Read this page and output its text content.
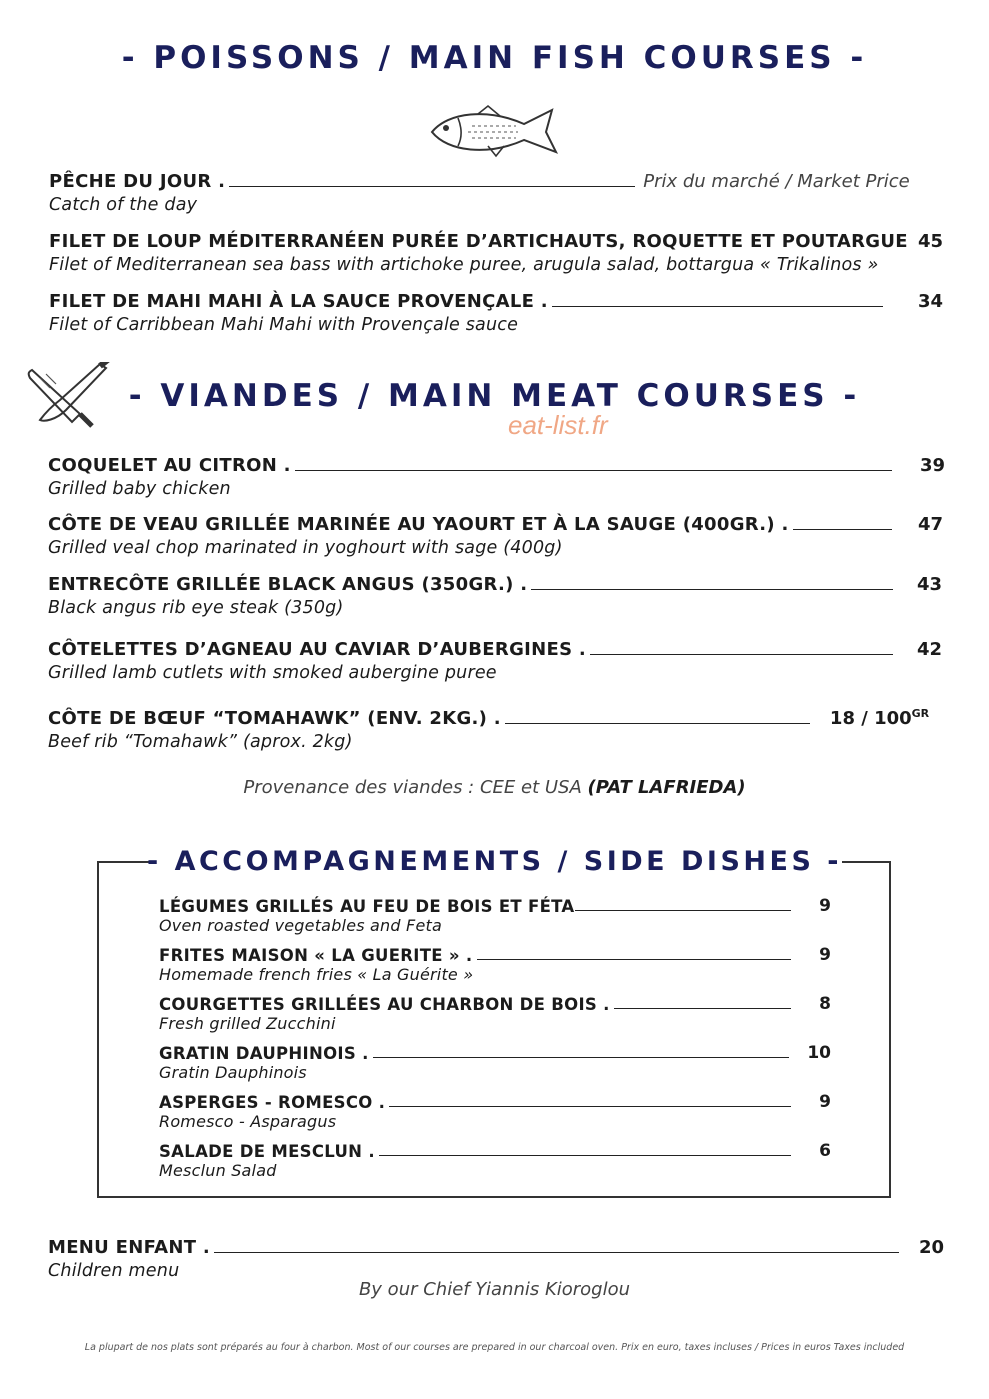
- POISSONS / MAIN FISH COURSES -
PÊCHE DU JOUR .	Prix du marché / Market Price
Catch of the day
FILET DE LOUP MÉDITERRANÉEN PURÉE D’ARTICHAUTS, ROQUETTE ET POUTARGUE 45
Filet of Mediterranean sea bass with artichoke puree, arugula salad, bottargua « Trikalinos »
FILET DE MAHI MAHI À LA SAUCE PROVENÇALE .	34
Filet of Carribbean Mahi Mahi with Provençale sauce
- VIANDES / MAIN MEAT COURSES -
eat-list.fr
COQUELET AU CITRON .	39
Grilled baby chicken
CÔTE DE VEAU GRILLÉE MARINÉE AU YAOURT ET À LA SAUGE (400GR.) .	47
Grilled veal chop marinated in yoghourt with sage (400g)
ENTRECÔTE GRILLÉE BLACK ANGUS (350GR.) .	43
Black angus rib eye steak (350g)
CÔTELETTES D’AGNEAU AU CAVIAR D’AUBERGINES .	42
Grilled lamb cutlets with smoked aubergine puree
CÔTE DE BŒUF “TOMAHAWK” (ENV. 2KG.) .	$18 / 100^{GR}$
Beef rib “Tomahawk” (aprox. 2kg)
Provenance des viandes : CEE et USA (PAT LAFRIEDA)
- ACCOMPAGNEMENTS / SIDE DISHES -
LÉGUMES GRILLÉS AU FEU DE BOIS ET FÉTA	9
Oven roasted vegetables and Feta
FRITES MAISON « LA GUERITE » .	9
Homemade french fries « La Guérite »
COURGETTES GRILLÉES AU CHARBON DE BOIS .	8
Fresh grilled Zucchini
GRATIN DAUPHINOIS .	10
Gratin Dauphinois
ASPERGES - ROMESCO .	9
Romesco - Asparagus
SALADE DE MESCLUN .	6
Mesclun Salad
MENU ENFANT .	20
Children menu
By our Chief Yiannis Kioroglou
La plupart de nos plats sont préparés au four à charbon. Most of our courses are prepared in our charcoal oven. Prix en euro, taxes incluses / Prices in euros Taxes included
